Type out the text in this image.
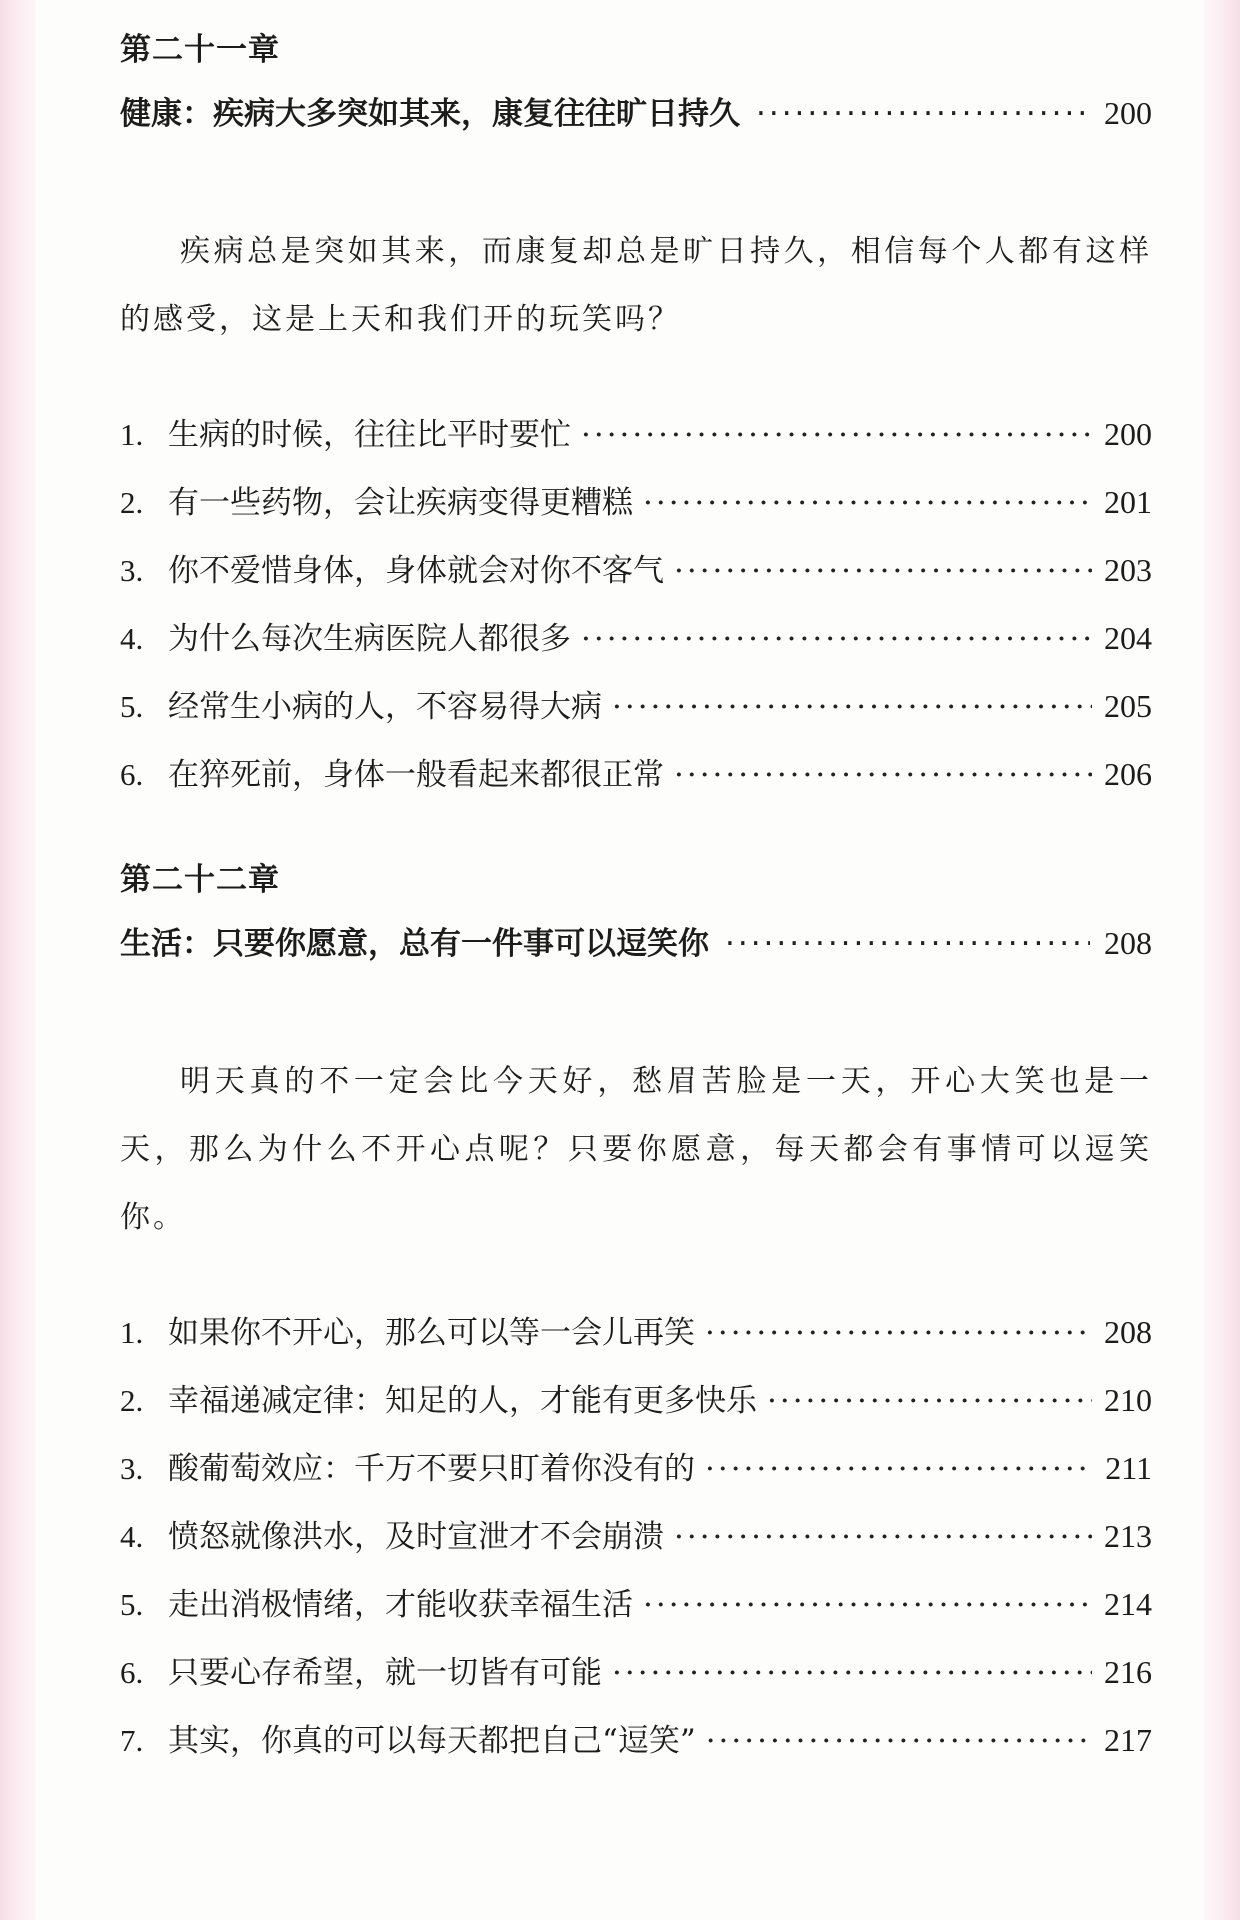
第二十一章
健康：疾病大多突如其来，康复往往旷日持久 ·····	200

疾病总是突如其来，而康复却总是旷日持久，相信每个人都有这样的感受，这是上天和我们开的玩笑吗？

1. 生病的时候，往往比平时要忙 ·····	200
2. 有一些药物，会让疾病变得更糟糕 ·····	201
3. 你不爱惜身体，身体就会对你不客气 ·····	203
4. 为什么每次生病医院人都很多 ·····	204
5. 经常生小病的人，不容易得大病 ·····	205
6. 在猝死前，身体一般看起来都很正常 ·····	206
第二十二章
生活：只要你愿意，总有一件事可以逗笑你 ·····	208

明天真的不一定会比今天好，愁眉苦脸是一天，开心大笑也是一天，那么为什么不开心点呢？只要你愿意，每天都会有事情可以逗笑你。

1. 如果你不开心，那么可以等一会儿再笑 ·····	208
2. 幸福递减定律：知足的人，才能有更多快乐 ·····	210
3. 酸葡萄效应：千万不要只盯着你没有的 ·····	211
4. 愤怒就像洪水，及时宣泄才不会崩溃 ·····	213
5. 走出消极情绪，才能收获幸福生活 ·····	214
6. 只要心存希望，就一切皆有可能 ·····	216
7. 其实，你真的可以每天都把自己“逗笑” ·····	217
